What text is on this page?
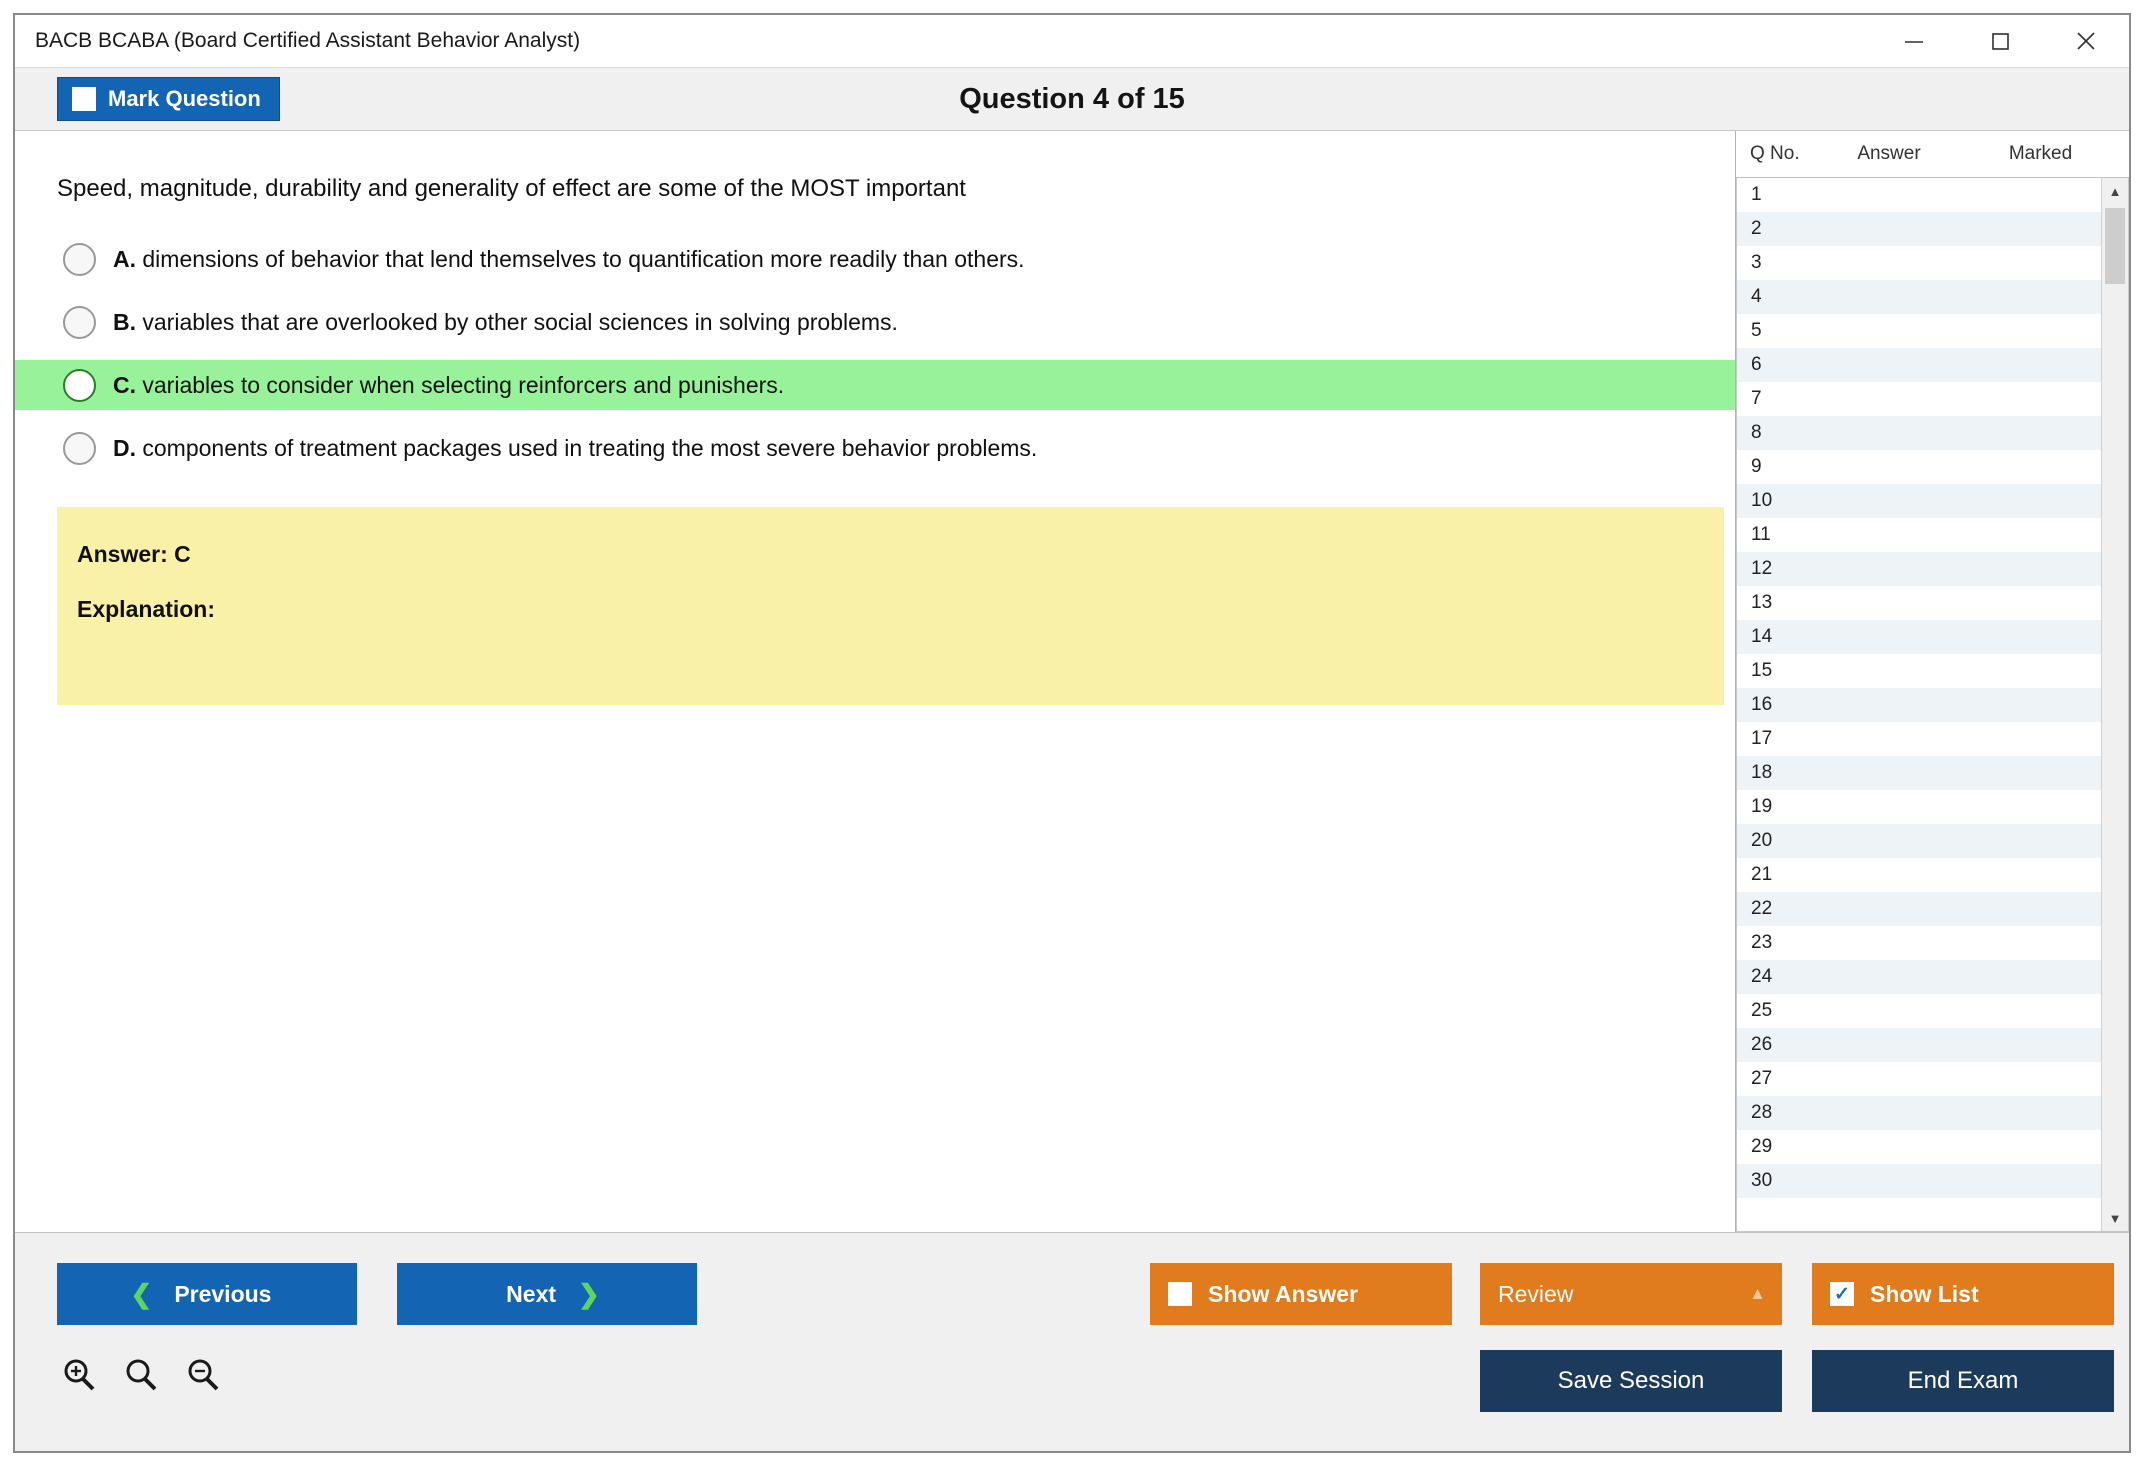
BACB BCABA (Board Certified Assistant Behavior Analyst)
Mark Question	Question 4 of 15
Speed, magnitude, durability and generality of effect are some of the MOST important
A. dimensions of behavior that lend themselves to quantification more readily than others.
B. variables that are overlooked by other social sciences in solving problems.
C. variables to consider when selecting reinforcers and punishers.
D. components of treatment packages used in treating the most severe behavior problems.
Answer: C
Explanation:
Q No.	Answer	Marked
1
2
3
4
5
6
7
8
9
10
11
12
13
14
15
16
17
18
19
20
21
22
23
24
25
26
27
28
29
30
▲
▼
❮ Previous	Next ❯	Show Answer	Review	▲	✓ Show List
Save Session	End Exam
